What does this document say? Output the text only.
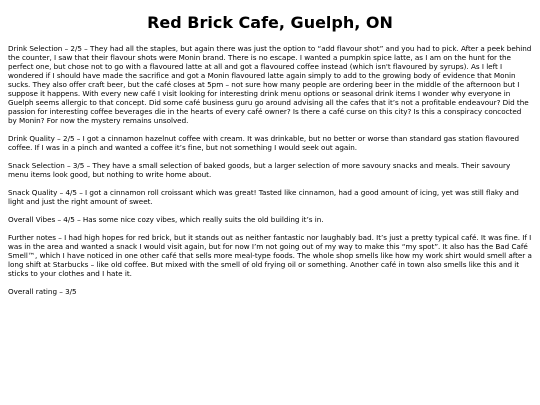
Red Brick Cafe, Guelph, ON

Drink Selection – 2/5 – They had all the staples, but again there was just the option to “add flavour shot” and you had to pick. After a peek behind the counter, I saw that their flavour shots were Monin brand. There is no escape. I wanted a pumpkin spice latte, as I am on the hunt for the perfect one, but chose not to go with a flavoured latte at all and got a flavoured coffee instead (which isn't flavoured by syrups). As I left I wondered if I should have made the sacrifice and got a Monin flavoured latte again simply to add to the growing body of evidence that Monin sucks. They also offer craft beer, but the café closes at 5pm – not sure how many people are ordering beer in the middle of the afternoon but I suppose it happens. With every new café I visit looking for interesting drink menu options or seasonal drink items I wonder why everyone in Guelph seems allergic to that concept. Did some café business guru go around advising all the cafes that it’s not a profitable endeavour? Did the passion for interesting coffee beverages die in the hearts of every café owner? Is there a café curse on this city? Is this a conspiracy concocted by Monin? For now the mystery remains unsolved.

Drink Quality – 2/5 – I got a cinnamon hazelnut coffee with cream. It was drinkable, but no better or worse than standard gas station flavoured coffee. If I was in a pinch and wanted a coffee it’s fine, but not something I would seek out again.

Snack Selection – 3/5 – They have a small selection of baked goods, but a larger selection of more savoury snacks and meals. Their savoury menu items look good, but nothing to write home about.

Snack Quality – 4/5 – I got a cinnamon roll croissant which was great! Tasted like cinnamon, had a good amount of icing, yet was still flaky and light and just the right amount of sweet.

Overall Vibes – 4/5 – Has some nice cozy vibes, which really suits the old building it’s in.

Further notes – I had high hopes for red brick, but it stands out as neither fantastic nor laughably bad. It’s just a pretty typical café. It was fine. If I was in the area and wanted a snack I would visit again, but for now I’m not going out of my way to make this “my spot”. It also has the Bad Café Smell™, which I have noticed in one other café that sells more meal-type foods. The whole shop smells like how my work shirt would smell after a long shift at Starbucks – like old coffee. But mixed with the smell of old frying oil or something. Another café in town also smells like this and it sticks to your clothes and I hate it.

Overall rating – 3/5
